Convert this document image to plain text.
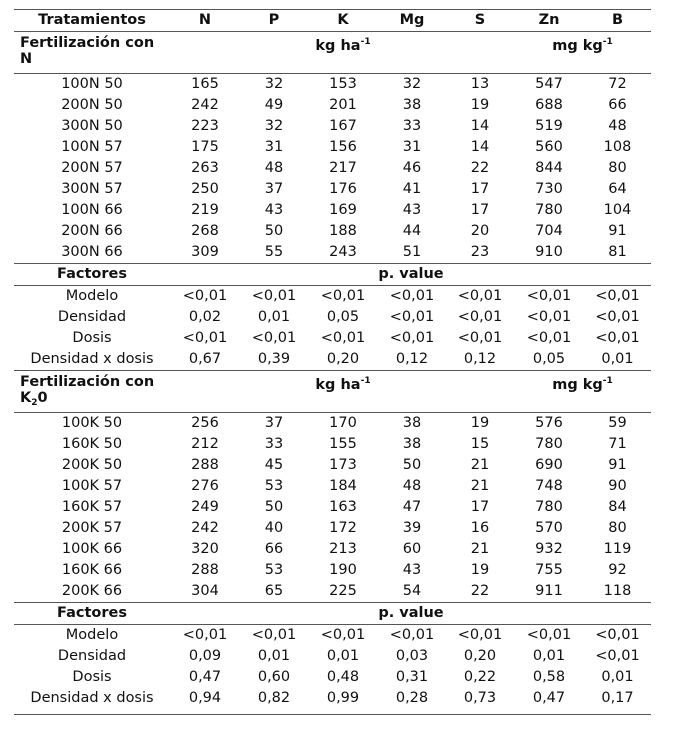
Tratamientos	N	P	K	Mg	S	Zn	B
Fertilización con
N		kg $ha^{-1}$				mg $kg^{-1}$
100N 50	165	32	153	32	13	547	72
200N 50	242	49	201	38	19	688	66
300N 50	223	32	167	33	14	519	48
100N 57	175	31	156	31	14	560	108
200N 57	263	48	217	46	22	844	80
300N 57	250	37	176	41	17	730	64
100N 66	219	43	169	43	17	780	104
200N 66	268	50	188	44	20	704	91
300N 66	309	55	243	51	23	910	81
Factores			p. value				
Modelo	<0,01	<0,01	<0,01	<0,01	<0,01	<0,01	<0,01
Densidad	0,02	0,01	0,05	<0,01	<0,01	<0,01	<0,01
Dosis	<0,01	<0,01	<0,01	<0,01	<0,01	<0,01	<0,01
Densidad x dosis	0,67	0,39	0,20	0,12	0,12	0,05	0,01
Fertilización con
$K_20$		kg $ha^{-1}$				mg $kg^{-1}$
100K 50	256	37	170	38	19	576	59
160K 50	212	33	155	38	15	780	71
200K 50	288	45	173	50	21	690	91
100K 57	276	53	184	48	21	748	90
160K 57	249	50	163	47	17	780	84
200K 57	242	40	172	39	16	570	80
100K 66	320	66	213	60	21	932	119
160K 66	288	53	190	43	19	755	92
200K 66	304	65	225	54	22	911	118
Factores			p. value				
Modelo	<0,01	<0,01	<0,01	<0,01	<0,01	<0,01	<0,01
Densidad	0,09	0,01	0,01	0,03	0,20	0,01	<0,01
Dosis	0,47	0,60	0,48	0,31	0,22	0,58	0,01
Densidad x dosis	0,94	0,82	0,99	0,28	0,73	0,47	0,17
